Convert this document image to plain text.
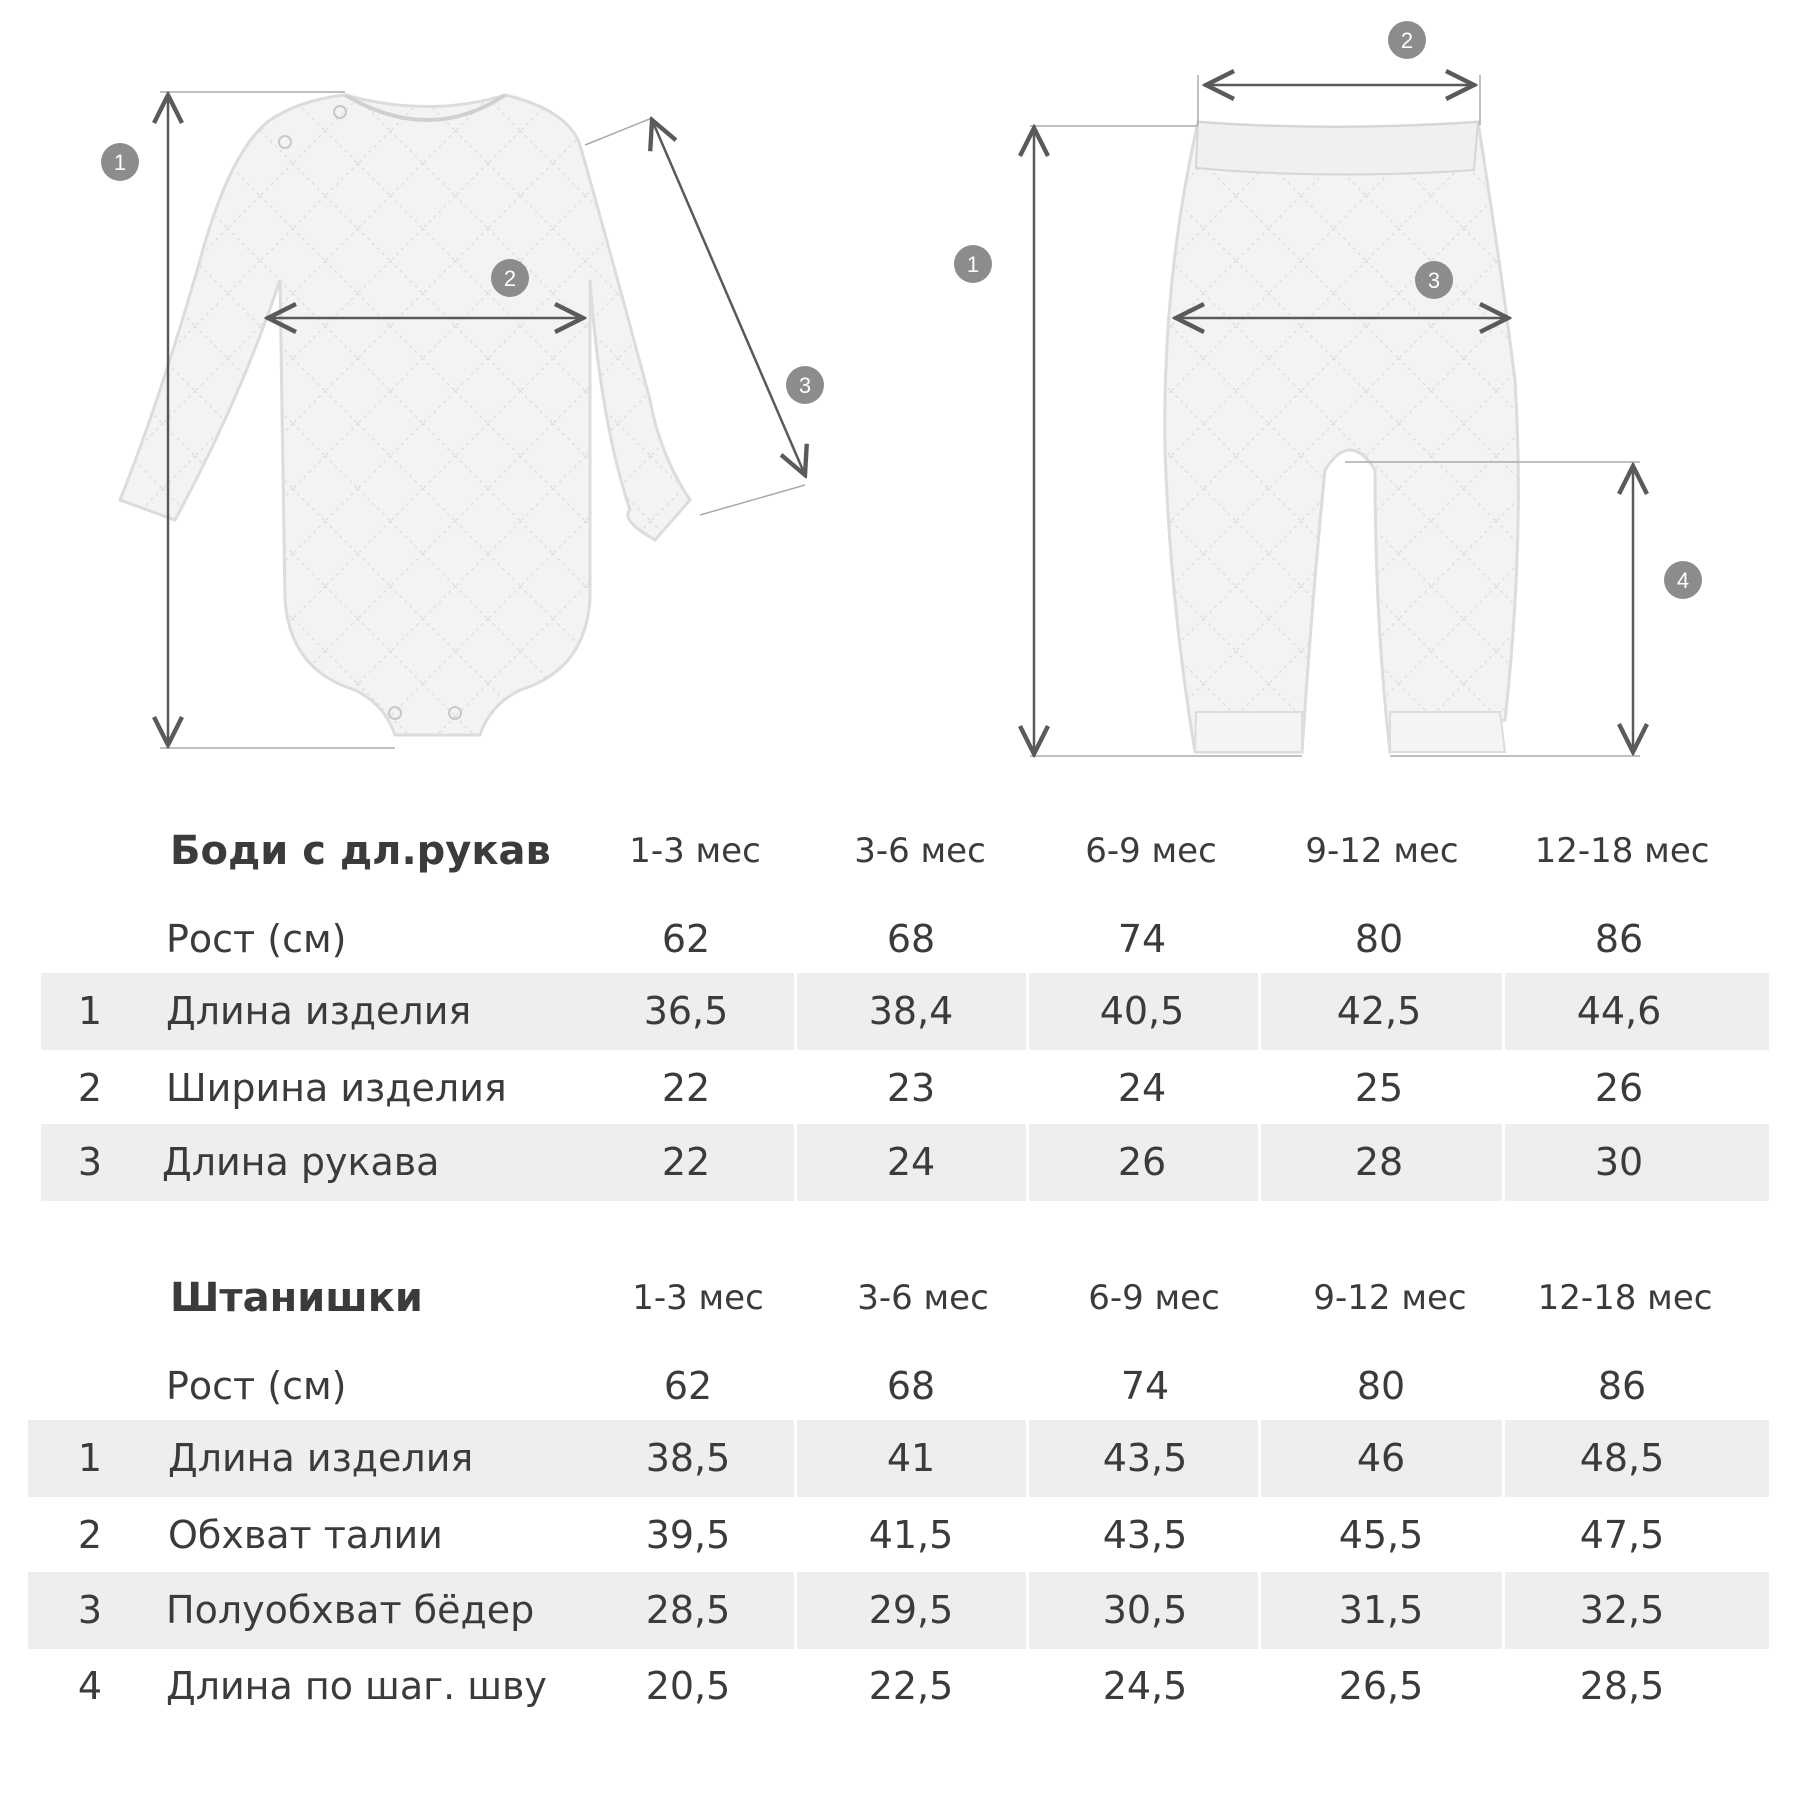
1
2
3
1
2
3
4
Боди с дл.рукав	1-3 мес	3-6 мес	6-9 мес	9-12 мес	12-18 мес
Рост (см)	62	68	74	80	86
1	Длина изделия	36,5	38,4	40,5	42,5	44,6
2	Ширина изделия	22	23	24	25	26
3	Длина рукава	22	24	26	28	30
Штанишки	1-3 мес	3-6 мес	6-9 мес	9-12 мес	12-18 мес
Рост (см)	62	68	74	80	86
1	Длина изделия	38,5	41	43,5	46	48,5
2	Обхват талии	39,5	41,5	43,5	45,5	47,5
3	Полуобхват бёдер	28,5	29,5	30,5	31,5	32,5
4	Длина по шаг. шву	20,5	22,5	24,5	26,5	28,5
